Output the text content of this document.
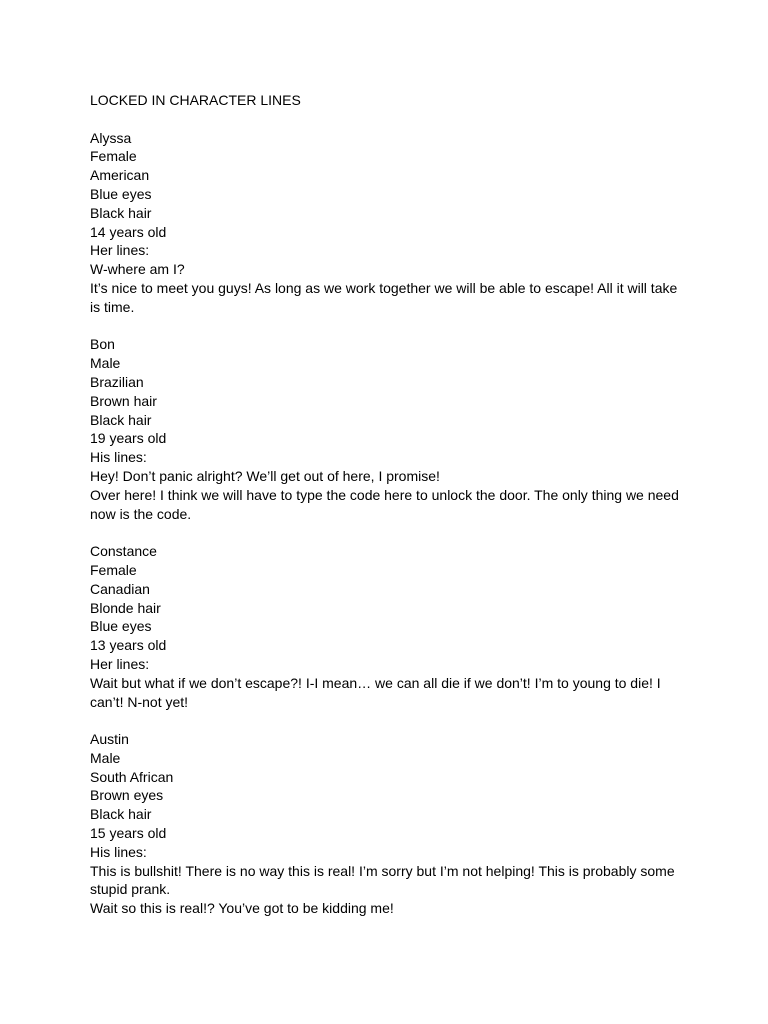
LOCKED IN CHARACTER LINES
Alyssa
Female
American
Blue eyes
Black hair
14 years old
Her lines:
W-where am I?
It’s nice to meet you guys! As long as we work together we will be able to escape! All it will take is time.
Bon
Male
Brazilian
Brown hair
Black hair
19 years old
His lines:
Hey! Don’t panic alright? We’ll get out of here, I promise!
Over here! I think we will have to type the code here to unlock the door. The only thing we need now is the code.
Constance
Female
Canadian
Blonde hair
Blue eyes
13 years old
Her lines:
Wait but what if we don’t escape?! I-I mean… we can all die if we don’t! I’m to young to die! I can’t! N-not yet!
Austin
Male
South African
Brown eyes
Black hair
15 years old
His lines:
This is bullshit! There is no way this is real! I’m sorry but I’m not helping! This is probably some stupid prank.
Wait so this is real!? You’ve got to be kidding me!
